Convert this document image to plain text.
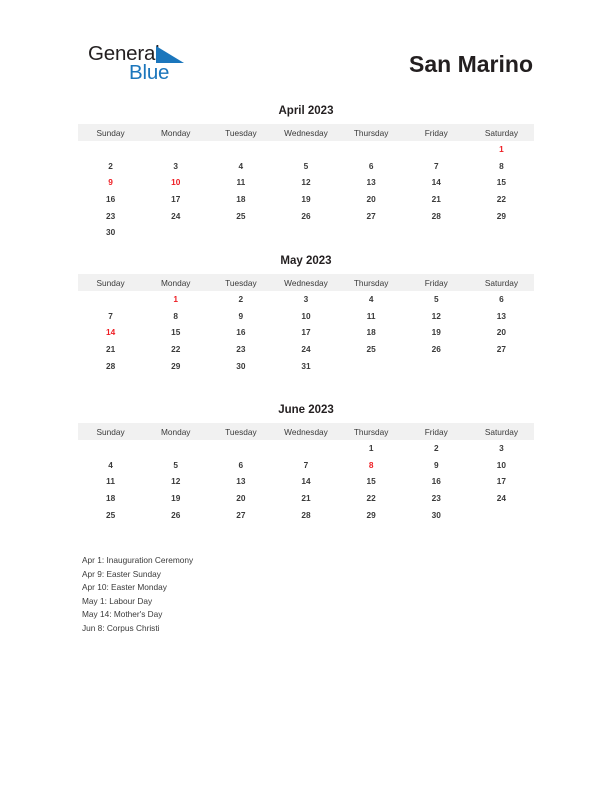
General
Blue	San Marino
April 2023
Sunday	Monday	Tuesday	Wednesday	Thursday	Friday	Saturday
						1
2	3	4	5	6	7	8
9	10	11	12	13	14	15
16	17	18	19	20	21	22
23	24	25	26	27	28	29
30						
May 2023
Sunday	Monday	Tuesday	Wednesday	Thursday	Friday	Saturday
	1	2	3	4	5	6
7	8	9	10	11	12	13
14	15	16	17	18	19	20
21	22	23	24	25	26	27
28	29	30	31			
June 2023
Sunday	Monday	Tuesday	Wednesday	Thursday	Friday	Saturday
				1	2	3
4	5	6	7	8	9	10
11	12	13	14	15	16	17
18	19	20	21	22	23	24
25	26	27	28	29	30	
Apr 1: Inauguration Ceremony
Apr 9: Easter Sunday
Apr 10: Easter Monday
May 1: Labour Day
May 14: Mother's Day
Jun 8: Corpus Christi
